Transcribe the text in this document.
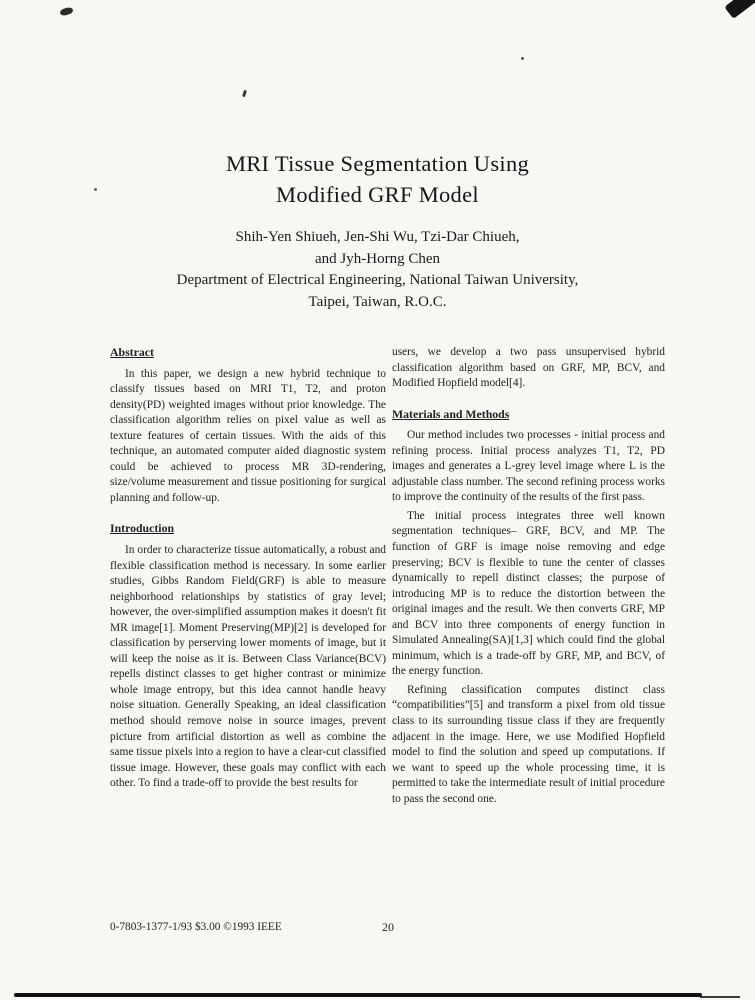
MRI Tissue Segmentation Using
Modified GRF Model
Shih-Yen Shiueh, Jen-Shi Wu, Tzi-Dar Chiueh,
and Jyh-Horng Chen
Department of Electrical Engineering, National Taiwan University,
Taipei, Taiwan, R.O.C.
Abstract

In this paper, we design a new hybrid technique to classify tissues based on MRI T1, T2, and proton density(PD) weighted images without prior knowledge. The classification algorithm relies on pixel value as well as texture features of certain tissues. With the aids of this technique, an automated computer aided diagnostic system could be achieved to process MR 3D-rendering, size/volume measurement and tissue positioning for surgical planning and follow-up.

Introduction

In order to characterize tissue automatically, a robust and flexible classification method is necessary. In some earlier studies, Gibbs Random Field(GRF) is able to measure neighborhood relationships by statistics of gray level; however, the over-simplified assumption makes it doesn't fit MR image[1]. Moment Preserving(MP)[2] is developed for classification by perserving lower moments of image, but it will keep the noise as it is. Between Class Variance(BCV) repells distinct classes to get higher contrast or minimize whole image entropy, but this idea cannot handle heavy noise situation. Generally Speaking, an ideal classification method should remove noise in source images, prevent picture from artificial distortion as well as combine the same tissue pixels into a region to have a clear-cut classified tissue image. However, these goals may conflict with each other. To find a trade-off to provide the best results for

users, we develop a two pass unsupervised hybrid classification algorithm based on GRF, MP, BCV, and Modified Hopfield model[4].

Materials and Methods

Our method includes two processes - initial process and refining process. Initial process analyzes T1, T2, PD images and generates a L-grey level image where L is the adjustable class number. The second refining process works to improve the continuity of the results of the first pass.

The initial process integrates three well known segmentation techniques– GRF, BCV, and MP. The function of GRF is image noise removing and edge preserving; BCV is flexible to tune the center of classes dynamically to repell distinct classes; the purpose of introducing MP is to reduce the distortion between the original images and the result. We then converts GRF, MP and BCV into three components of energy function in Simulated Annealing(SA)[1,3] which could find the global minimum, which is a trade-off by GRF, MP, and BCV, of the energy function.

Refining classification computes distinct class “compatibilities”[5] and transform a pixel from old tissue class to its surrounding tissue class if they are frequently adjacent in the image. Here, we use Modified Hopfield model to find the solution and speed up computations. If we want to speed up the whole processing time, it is permitted to take the intermediate result of initial procedure to pass the second one.

0-7803-1377-1/93 $3.00 ©1993 IEEE	20
